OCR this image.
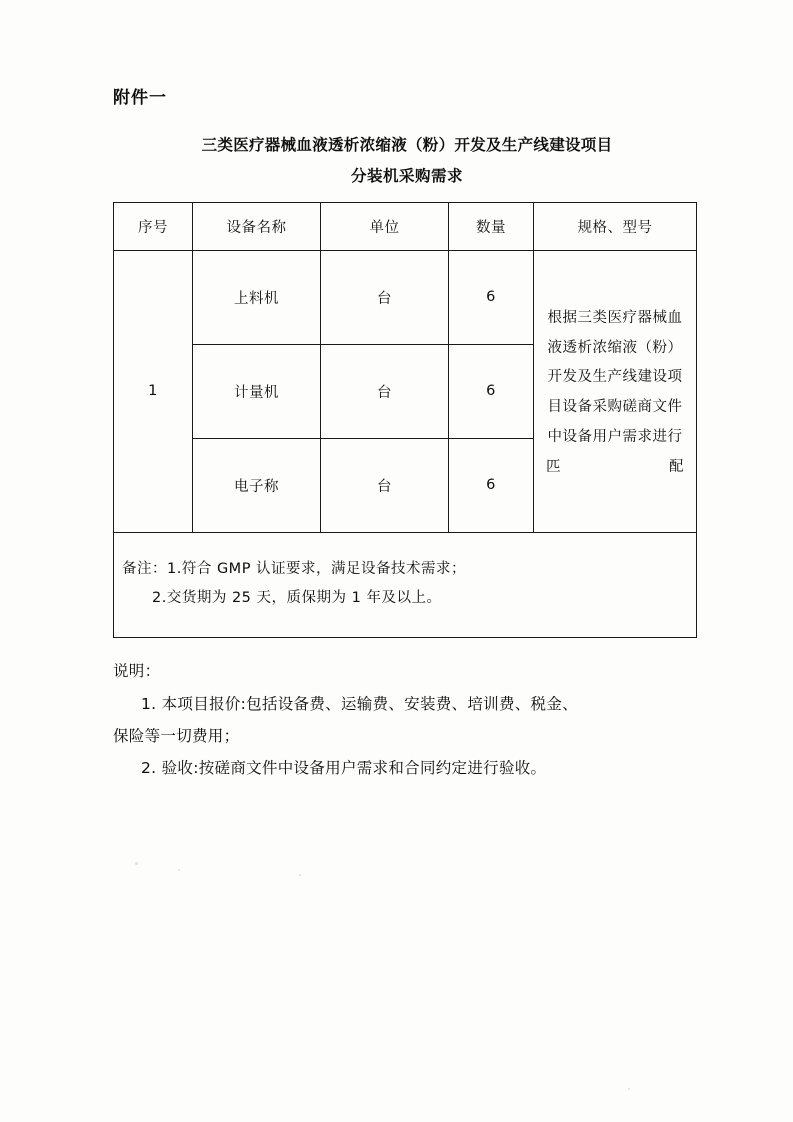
附件一
三类医疗器械血液透析浓缩液（粉）开发及生产线建设项目
分装机采购需求
序号	设备名称	单位	数量	规格、型号
1	上料机	台	6	根据三类医疗器械血液透析浓缩液（粉）开发及生产线建设项目设备采购磋商文件中设备用户需求进行匹配
	计量机	台	6	
	电子称	台	6	

备注：1.符合 GMP 认证要求，满足设备技术需求；
2.交货期为 25 天，质保期为 1 年及以上。				

说明：

1. 本项目报价:包括设备费、运输费、安装费、培训费、税金、

保险等一切费用；

2. 验收:按磋商文件中设备用户需求和合同约定进行验收。
